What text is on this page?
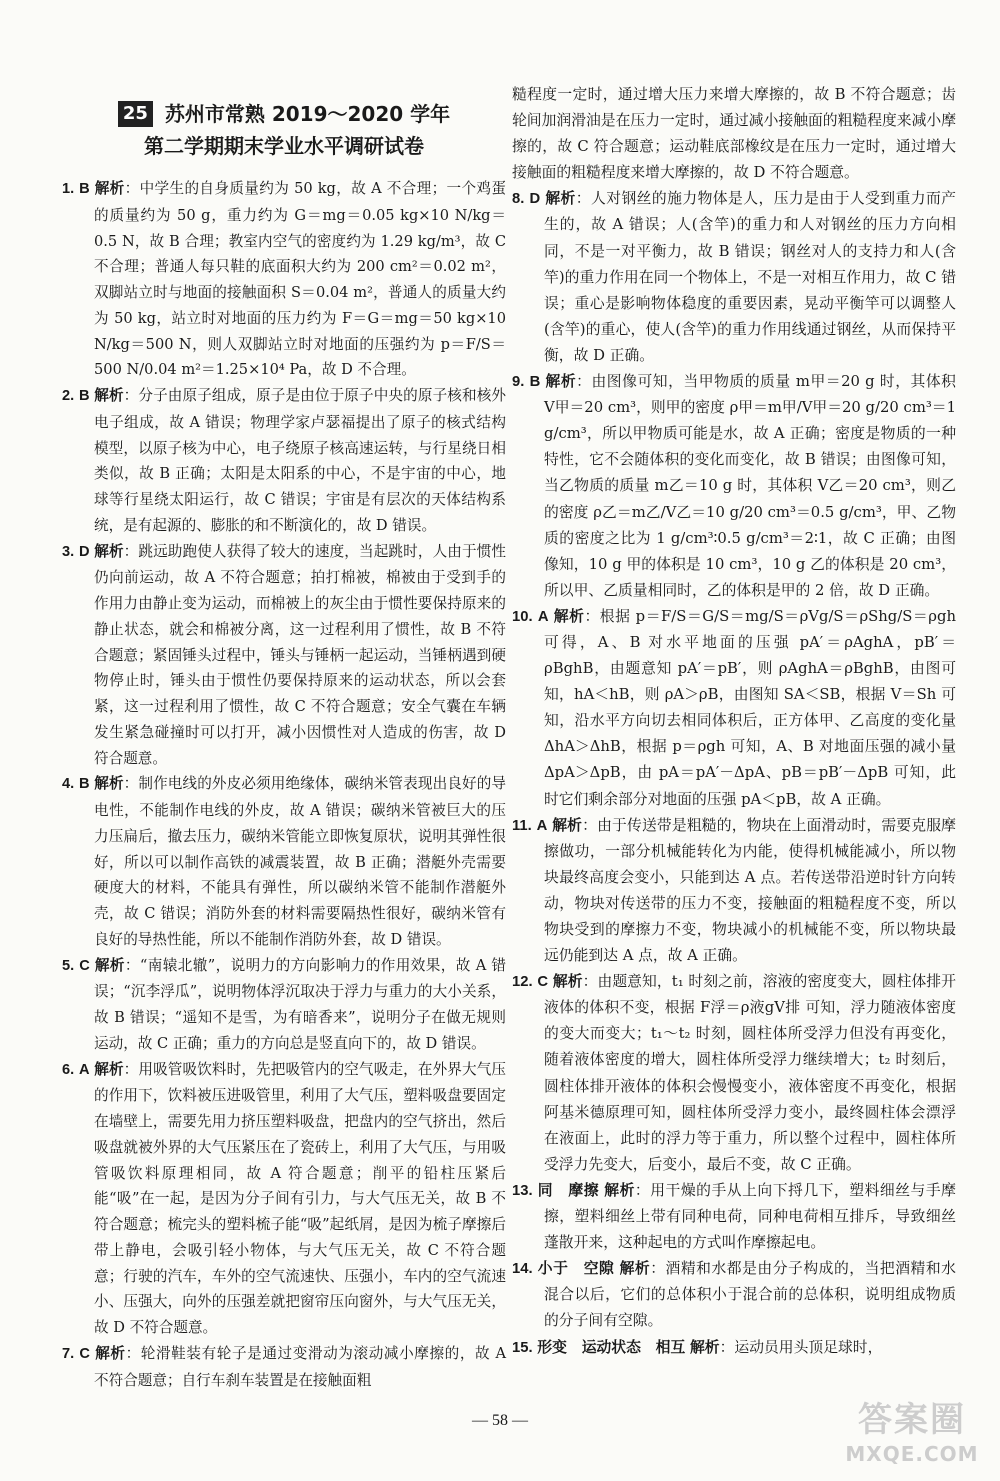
25 苏州市常熟 2019～2020 学年
第二学期期末学业水平调研试卷

1. B 解析：中学生的自身质量约为 50 kg，故 A 不合理；一个鸡蛋的质量约为 50 g，重力约为 G＝mg＝0.05 kg×10 N/kg＝0.5 N，故 B 合理；教室内空气的密度约为 1.29 kg/m³，故 C 不合理；普通人每只鞋的底面积大约为 200 cm²＝0.02 m²，双脚站立时与地面的接触面积 S＝0.04 m²，普通人的质量大约为 50 kg，站立时对地面的压力约为 F＝G＝mg＝50 kg×10 N/kg＝500 N，则人双脚站立时对地面的压强约为 p＝F/S＝500 N/0.04 m²＝1.25×10⁴ Pa，故 D 不合理。

2. B 解析：分子由原子组成，原子是由位于原子中央的原子核和核外电子组成，故 A 错误；物理学家卢瑟福提出了原子的核式结构模型，以原子核为中心，电子绕原子核高速运转，与行星绕日相类似，故 B 正确；太阳是太阳系的中心，不是宇宙的中心，地球等行星绕太阳运行，故 C 错误；宇宙是有层次的天体结构系统，是有起源的、膨胀的和不断演化的，故 D 错误。

3. D 解析：跳远助跑使人获得了较大的速度，当起跳时，人由于惯性仍向前运动，故 A 不符合题意；拍打棉被，棉被由于受到手的作用力由静止变为运动，而棉被上的灰尘由于惯性要保持原来的静止状态，就会和棉被分离，这一过程利用了惯性，故 B 不符合题意；紧固锤头过程中，锤头与锤柄一起运动，当锤柄遇到硬物停止时，锤头由于惯性仍要保持原来的运动状态，所以会套紧，这一过程利用了惯性，故 C 不符合题意；安全气囊在车辆发生紧急碰撞时可以打开，减小因惯性对人造成的伤害，故 D 符合题意。

4. B 解析：制作电线的外皮必须用绝缘体，碳纳米管表现出良好的导电性，不能制作电线的外皮，故 A 错误；碳纳米管被巨大的压力压扁后，撤去压力，碳纳米管能立即恢复原状，说明其弹性很好，所以可以制作高铁的减震装置，故 B 正确；潜艇外壳需要硬度大的材料，不能具有弹性，所以碳纳米管不能制作潜艇外壳，故 C 错误；消防外套的材料需要隔热性很好，碳纳米管有良好的导热性能，所以不能制作消防外套，故 D 错误。

5. C 解析：“南辕北辙”，说明力的方向影响力的作用效果，故 A 错误；“沉李浮瓜”，说明物体浮沉取决于浮力与重力的大小关系，故 B 错误；“遥知不是雪，为有暗香来”，说明分子在做无规则运动，故 C 正确；重力的方向总是竖直向下的，故 D 错误。

6. A 解析：用吸管吸饮料时，先把吸管内的空气吸走，在外界大气压的作用下，饮料被压进吸管里，利用了大气压，塑料吸盘要固定在墙壁上，需要先用力挤压塑料吸盘，把盘内的空气挤出，然后吸盘就被外界的大气压紧压在了瓷砖上，利用了大气压，与用吸管吸饮料原理相同，故 A 符合题意；削平的铅柱压紧后能“吸”在一起，是因为分子间有引力，与大气压无关，故 B 不符合题意；梳完头的塑料梳子能“吸”起纸屑，是因为梳子摩擦后带上静电，会吸引轻小物体，与大气压无关，故 C 不符合题意；行驶的汽车，车外的空气流速快、压强小，车内的空气流速小、压强大，向外的压强差就把窗帘压向窗外，与大气压无关，故 D 不符合题意。

7. C 解析：轮滑鞋装有轮子是通过变滑动为滚动减小摩擦的，故 A 不符合题意；自行车刹车装置是在接触面粗

糙程度一定时，通过增大压力来增大摩擦的，故 B 不符合题意；齿轮间加润滑油是在压力一定时，通过减小接触面的粗糙程度来减小摩擦的，故 C 符合题意；运动鞋底部橡纹是在压力一定时，通过增大接触面的粗糙程度来增大摩擦的，故 D 不符合题意。

8. D 解析：人对钢丝的施力物体是人，压力是由于人受到重力而产生的，故 A 错误；人(含竿)的重力和人对钢丝的压力方向相同，不是一对平衡力，故 B 错误；钢丝对人的支持力和人(含竿)的重力作用在同一个物体上，不是一对相互作用力，故 C 错误；重心是影响物体稳度的重要因素，晃动平衡竿可以调整人(含竿)的重心，使人(含竿)的重力作用线通过钢丝，从而保持平衡，故 D 正确。

9. B 解析：由图像可知，当甲物质的质量 m甲＝20 g 时，其体积 V甲＝20 cm³，则甲的密度 ρ甲＝m甲/V甲＝20 g/20 cm³＝1 g/cm³，所以甲物质可能是水，故 A 正确；密度是物质的一种特性，它不会随体积的变化而变化，故 B 错误；由图像可知，当乙物质的质量 m乙＝10 g 时，其体积 V乙＝20 cm³，则乙的密度 ρ乙＝m乙/V乙＝10 g/20 cm³＝0.5 g/cm³，甲、乙物质的密度之比为 1 g/cm³∶0.5 g/cm³＝2∶1，故 C 正确；由图像知，10 g 甲的体积是 10 cm³，10 g 乙的体积是 20 cm³，所以甲、乙质量相同时，乙的体积是甲的 2 倍，故 D 正确。

10. A 解析：根据 p＝F/S＝G/S＝mg/S＝ρVg/S＝ρShg/S＝ρgh 可得，A、B 对水平地面的压强 pA′＝ρAghA，pB′＝ρBghB，由题意知 pA′＝pB′，则 ρAghA＝ρBghB，由图可知，hA＜hB，则 ρA＞ρB，由图知 SA＜SB，根据 V＝Sh 可知，沿水平方向切去相同体积后，正方体甲、乙高度的变化量 ΔhA＞ΔhB，根据 p＝ρgh 可知，A、B 对地面压强的减小量 ΔpA＞ΔpB，由 pA＝pA′－ΔpA、pB＝pB′－ΔpB 可知，此时它们剩余部分对地面的压强 pA＜pB，故 A 正确。

11. A 解析：由于传送带是粗糙的，物块在上面滑动时，需要克服摩擦做功，一部分机械能转化为内能，使得机械能减小，所以物块最终高度会变小，只能到达 A 点。若传送带沿逆时针方向转动，物块对传送带的压力不变，接触面的粗糙程度不变，所以物块受到的摩擦力不变，物块减小的机械能不变，所以物块最远仍能到达 A 点，故 A 正确。

12. C 解析：由题意知，t₁ 时刻之前，溶液的密度变大，圆柱体排开液体的体积不变，根据 F浮＝ρ液gV排 可知，浮力随液体密度的变大而变大；t₁～t₂ 时刻，圆柱体所受浮力但没有再变化，随着液体密度的增大，圆柱体所受浮力继续增大；t₂ 时刻后，圆柱体排开液体的体积会慢慢变小，液体密度不再变化，根据阿基米德原理可知，圆柱体所受浮力变小，最终圆柱体会漂浮在液面上，此时的浮力等于重力，所以整个过程中，圆柱体所受浮力先变大，后变小，最后不变，故 C 正确。

13. 同　摩擦 解析：用干燥的手从上向下捋几下，塑料细丝与手摩擦，塑料细丝上带有同种电荷，同种电荷相互排斥，导致细丝蓬散开来，这种起电的方式叫作摩擦起电。

14. 小于　空隙 解析：酒精和水都是由分子构成的，当把酒精和水混合以后，它们的总体积小于混合前的总体积，说明组成物质的分子间有空隙。

15. 形变　运动状态　相互 解析：运动员用头顶足球时，

— 58 —	答案圈
MXQE.COM
